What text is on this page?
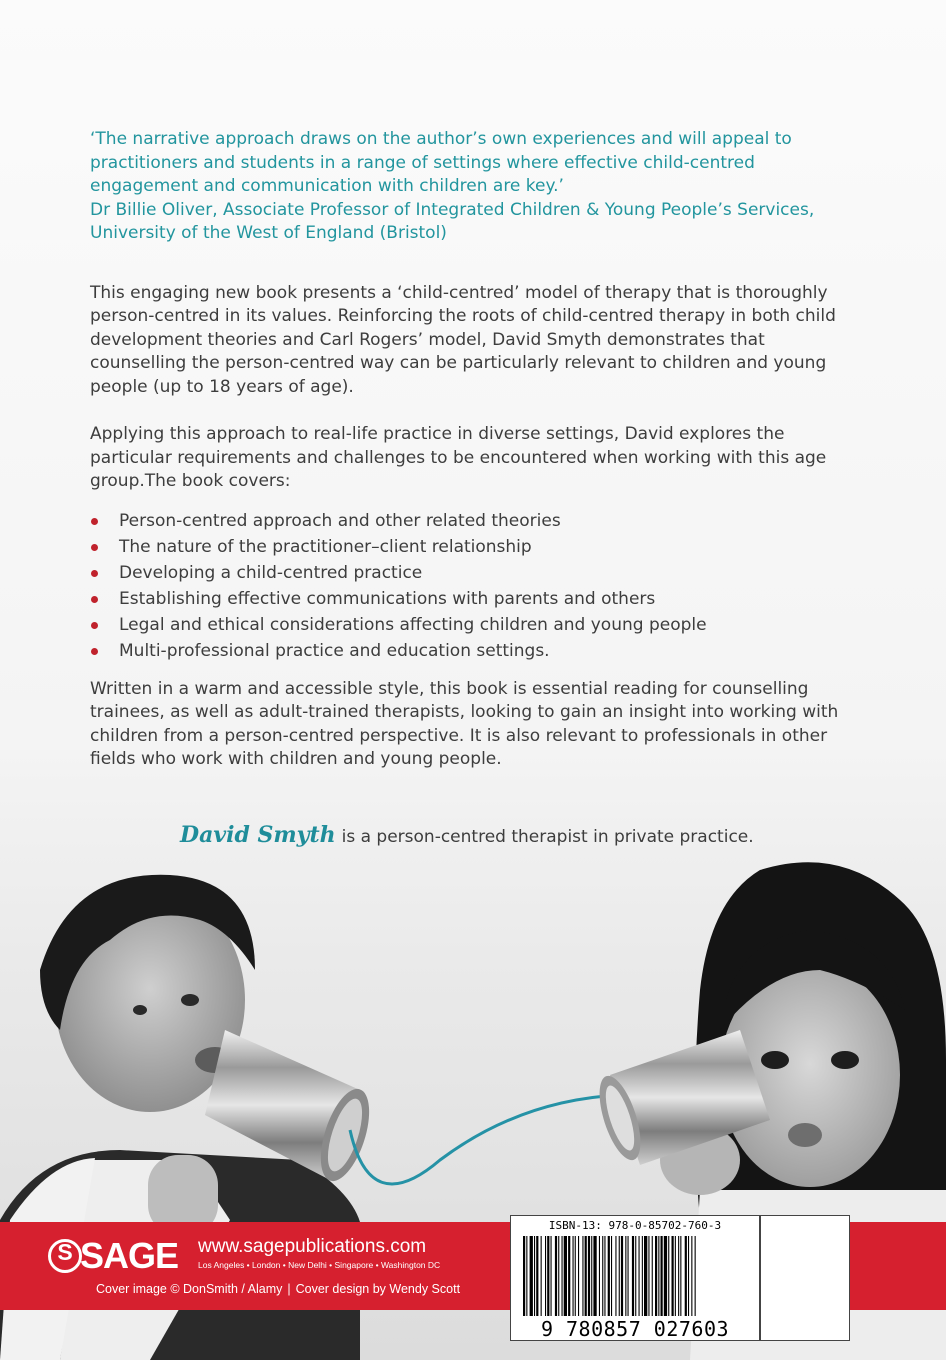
‘The narrative approach draws on the author’s own experiences and will appeal to practitioners and students in a range of settings where effective child-centred engagement and communication with children are key.’

Dr Billie Oliver, Associate Professor of Integrated Children & Young People’s Services, University of the West of England (Bristol)

This engaging new book presents a ‘child-centred’ model of therapy that is thoroughly person-centred in its values. Reinforcing the roots of child-centred therapy in both child development theories and Carl Rogers’ model, David Smyth demonstrates that counselling the person-centred way can be particularly relevant to children and young people (up to 18 years of age).

Applying this approach to real-life practice in diverse settings, David explores the particular requirements and challenges to be encountered when working with this age group.The book covers:

Person-centred approach and other related theories
The nature of the practitioner–client relationship
Developing a child-centred practice
Establishing effective communications with parents and others
Legal and ethical considerations affecting children and young people
Multi-professional practice and education settings.

Written in a warm and accessible style, this book is essential reading for counselling trainees, as well as adult-trained therapists, looking to gain an insight into working with children from a person-centred perspective. It is also relevant to professionals in other fields who work with children and young people.

David Smyth is a person-centred therapist in private practice.
S SAGE www.sagepublications.com
Los Angeles • London • New Delhi • Singapore • Washington DC
Cover image © DonSmith / Alamy | Cover design by Wendy Scott
ISBN-13: 978-0-85702-760-3
9 780857 027603
